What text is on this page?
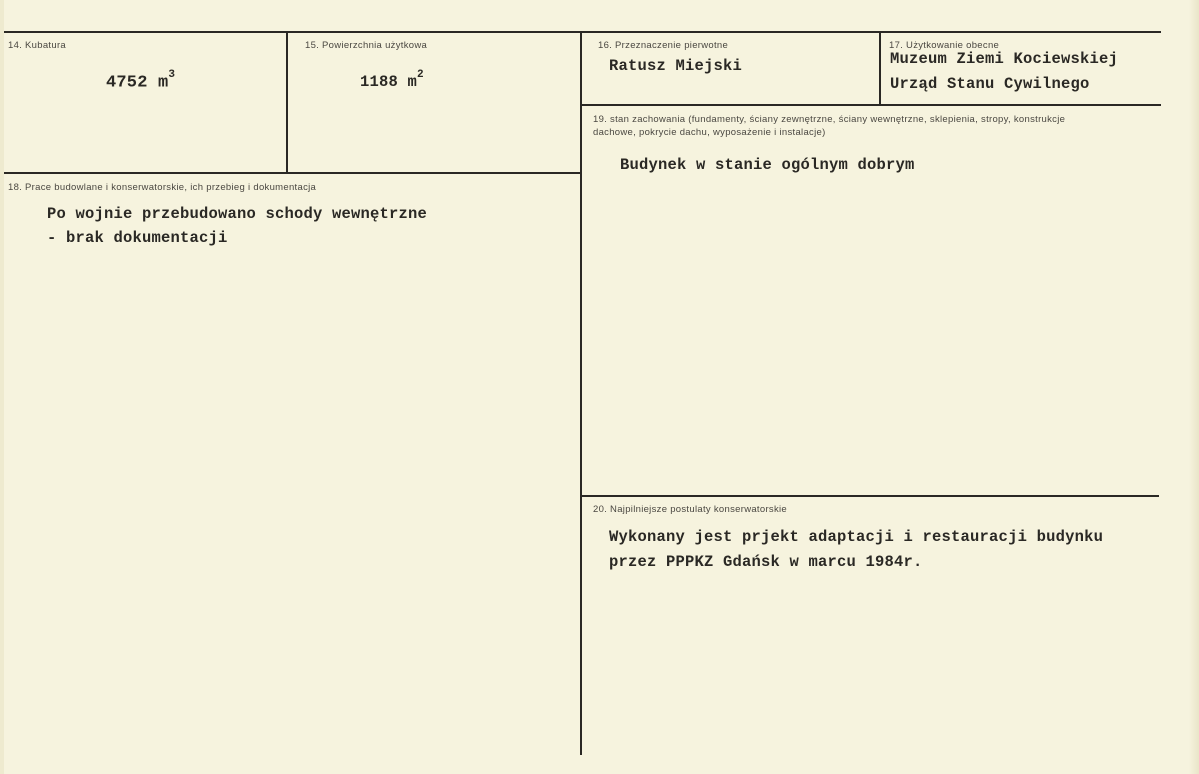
14. Kubatura
4752 $m^3$
15. Powierzchnia użytkowa
1188 $m^2$
16. Przeznaczenie pierwotne
Ratusz Miejski
17. Użytkowanie obecne
Muzeum Ziemi Kociewskiej
Urząd Stanu Cywilnego
18. Prace budowlane i konserwatorskie, ich przebieg i dokumentacja
Po wojnie przebudowano schody wewnętrzne
- brak dokumentacji
19. stan zachowania (fundamenty, ściany zewnętrzne, ściany wewnętrzne, sklepienia, stropy, konstrukcje dachowe, pokrycie dachu, wyposażenie i instalacje)
Budynek w stanie ogólnym dobrym
20. Najpilniejsze postulaty konserwatorskie
Wykonany jest prjekt adaptacji i restauracji budynku
przez PPPKZ Gdańsk w marcu 1984r.
